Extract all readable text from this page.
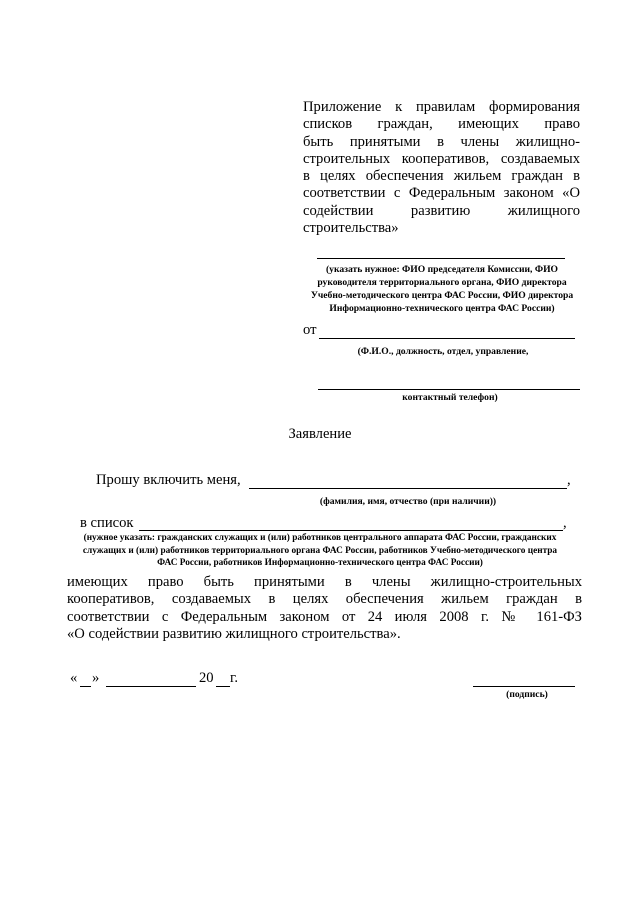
Приложение к правилам формирования
списков граждан, имеющих право
быть принятыми в члены жилищно-
строительных кооперативов, создаваемых
в целях обеспечения жильем граждан в
соответствии с Федеральным законом «О
содействии развитию жилищного
строительства»
(указать нужное: ФИО председателя Комиссии, ФИО
руководителя территориального органа, ФИО директора
Учебно-методического центра ФАС России, ФИО директора
Информационно-технического центра ФАС России)
от
(Ф.И.О., должность, отдел, управление,
контактный телефон)
Заявление
Прошу включить меня,	,
(фамилия, имя, отчество (при наличии))
в список	,
(нужное указать: гражданских служащих и (или) работников центрального аппарата ФАС России, гражданских
служащих и (или) работников территориального органа ФАС России, работников Учебно-методического центра
ФАС России, работников Информационно-технического центра ФАС России)
имеющих право быть принятыми в члены жилищно-строительных
кооперативов, создаваемых в целях обеспечения жильем граждан в
соответствии с Федеральным законом от 24 июля 2008 г. № 161-ФЗ
«О содействии развитию жилищного строительства».
« »	20 г.
(подпись)
